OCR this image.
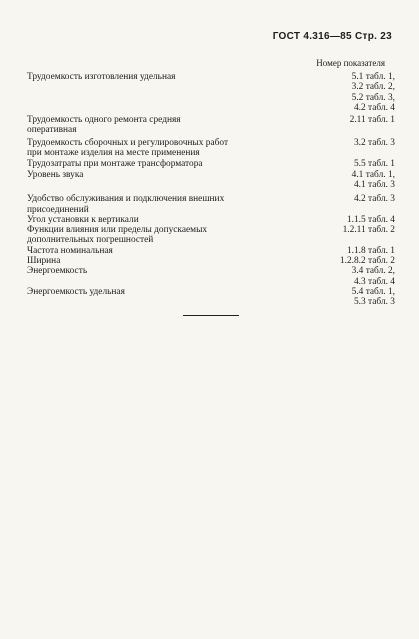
ГОСТ 4.316—85 Стр. 23
Номер показателя
Трудоемкость изготовления удельная	5.1 табл. 1,
3.2 табл. 2,
5.2 табл. 3,
4.2 табл. 4
Трудоемкость одного ремонта средняя
оперативная
2.11 табл. 1
Трудоемкость сборочных и регулировочных работ
при монтаже изделия на месте применения
3.2 табл. 3
Трудозатраты при монтаже трансформатора	5.5 табл. 1
Уровень звука	4.1 табл. 1,
4.1 табл. 3
Удобство обслуживания и подключения внешних
присоединений
4.2 табл. 3
Угол установки к вертикали	1.1.5 табл. 4
Функции влияния или пределы допускаемых
дополнительных погрешностей
1.2.11 табл. 2
Частота номинальная	1.1.8 табл. 1
Ширина	1.2.8.2 табл. 2
Энергоемкость	3.4 табл. 2,
4.3 табл. 4
Энергоемкость удельная	5.4 табл. 1,
5.3 табл. 3
